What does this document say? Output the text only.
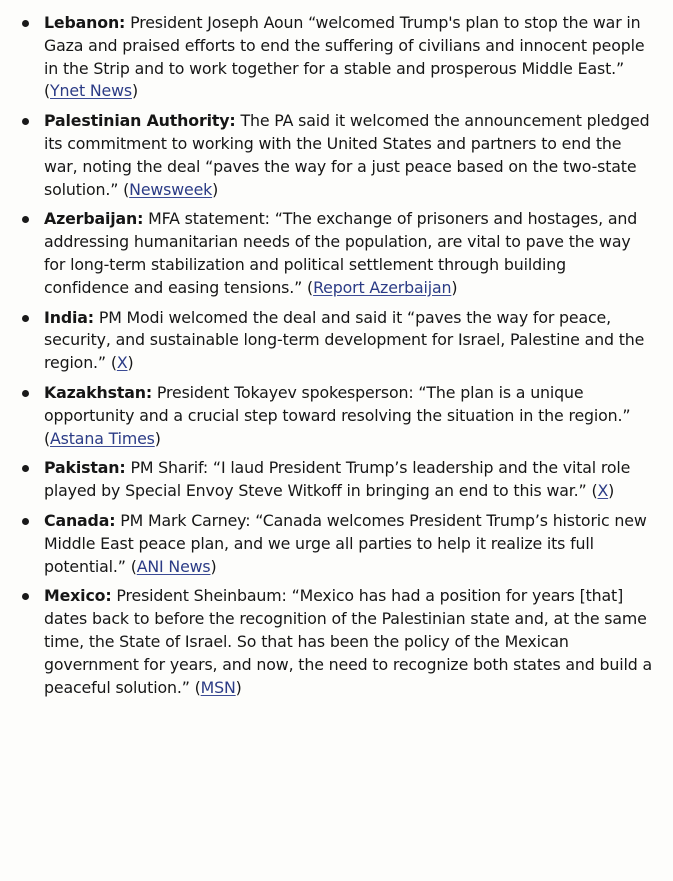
Lebanon: President Joseph Aoun “welcomed Trump's plan to stop the war in Gaza and praised efforts to end the suffering of civilians and innocent people in the Strip and to work together for a stable and prosperous Middle East.” (Ynet News)
Palestinian Authority: The PA said it welcomed the announcement pledged its commitment to working with the United States and partners to end the war, noting the deal “paves the way for a just peace based on the two-state solution.” (Newsweek)
Azerbaijan: MFA statement: “The exchange of prisoners and hostages, and addressing humanitarian needs of the population, are vital to pave the way for long-term stabilization and political settlement through building confidence and easing tensions.” (Report Azerbaijan)
India: PM Modi welcomed the deal and said it “paves the way for peace, security, and sustainable long-term development for Israel, Palestine and the region.” (X)
Kazakhstan: President Tokayev spokesperson: “The plan is a unique opportunity and a crucial step toward resolving the situation in the region.” (Astana Times)
Pakistan: PM Sharif: “I laud President Trump’s leadership and the vital role played by Special Envoy Steve Witkoff in bringing an end to this war.” (X)
Canada: PM Mark Carney: “Canada welcomes President Trump’s historic new Middle East peace plan, and we urge all parties to help it realize its full potential.” (ANI News)
Mexico: President Sheinbaum: “Mexico has had a position for years [that] dates back to before the recognition of the Palestinian state and, at the same time, the State of Israel. So that has been the policy of the Mexican government for years, and now, the need to recognize both states and build a peaceful solution.” (MSN)
